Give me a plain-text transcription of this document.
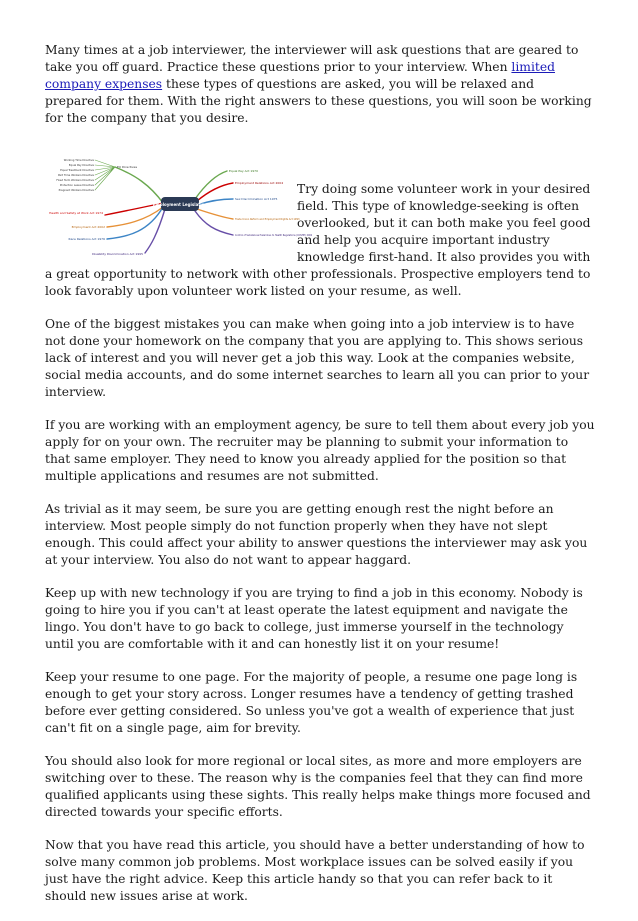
Many times at a job interviewer, the interviewer will ask questions that are geared to take you off guard. Practice these questions prior to your interview. When limited company expenses these types of questions are asked, you will be relaxed and prepared for them. With the right answers to these questions, you will soon be working for the company that you desire.

Employment Legislation
Working Time Directive
Equal Pay Directive
Equal Treatment Directive
Part Time Workers Directive
Fixed Term Workers Directive
Protection Leave Directive
Pregnant Workers Directive
EU Directives
Health and Safety at Work Act 1974
Employment Act 2002
Race Relations Act 1976
Disability Discrimination Act 1995
Equal Pay Act 1970
Employment Relations Act 2004
Sex Discrimination Act 1975
Trade Union Reform and Employment Rights Act 1993
Control of Substances Hazardous to Health Regulations (COSHH) 2002

Try doing some volunteer work in your desired field. This type of knowledge-seeking is often overlooked, but it can both make you feel good and help you acquire important industry knowledge first-hand. It also provides you with a great opportunity to network with other professionals. Prospective employers tend to look favorably upon volunteer work listed on your resume, as well.

One of the biggest mistakes you can make when going into a job interview is to have not done your homework on the company that you are applying to. This shows serious lack of interest and you will never get a job this way. Look at the companies website, social media accounts, and do some internet searches to learn all you can prior to your interview.

If you are working with an employment agency, be sure to tell them about every job you apply for on your own. The recruiter may be planning to submit your information to that same employer. They need to know you already applied for the position so that multiple applications and resumes are not submitted.

As trivial as it may seem, be sure you are getting enough rest the night before an interview. Most people simply do not function properly when they have not slept enough. This could affect your ability to answer questions the interviewer may ask you at your interview. You also do not want to appear haggard.

Keep up with new technology if you are trying to find a job in this economy. Nobody is going to hire you if you can't at least operate the latest equipment and navigate the lingo. You don't have to go back to college, just immerse yourself in the technology until you are comfortable with it and can honestly list it on your resume!

Keep your resume to one page. For the majority of people, a resume one page long is enough to get your story across. Longer resumes have a tendency of getting trashed before ever getting considered. So unless you've got a wealth of experience that just can't fit on a single page, aim for brevity.

You should also look for more regional or local sites, as more and more employers are switching over to these. The reason why is the companies feel that they can find more qualified applicants using these sights. This really helps make things more focused and directed towards your specific efforts.

Now that you have read this article, you should have a better understanding of how to solve many common job problems. Most workplace issues can be solved easily if you just have the right advice. Keep this article handy so that you can refer back to it should new issues arise at work.
